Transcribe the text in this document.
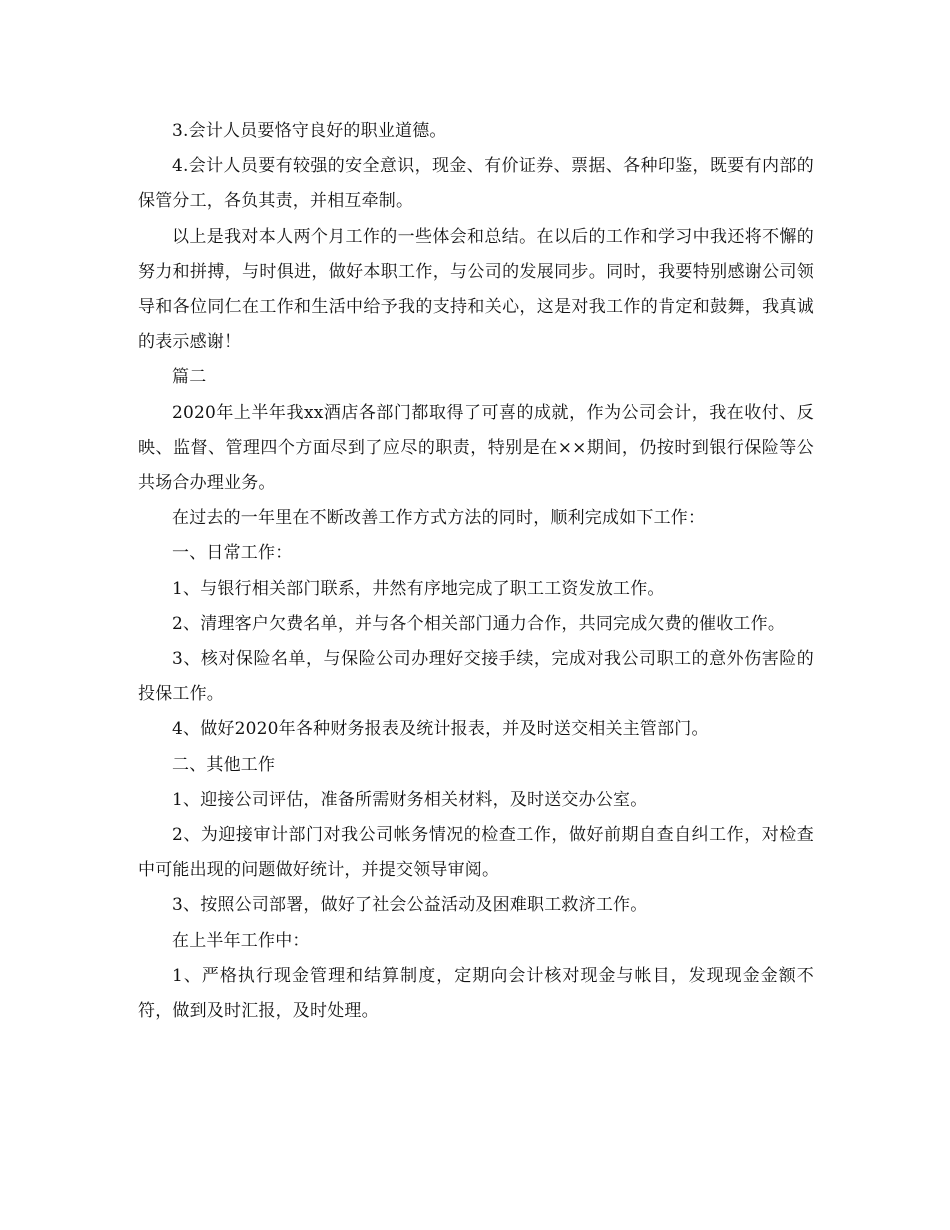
3.会计人员要恪守良好的职业道德。

4.会计人员要有较强的安全意识，现金、有价证券、票据、各种印鉴，既要有内部的保管分工，各负其责，并相互牵制。

以上是我对本人两个月工作的一些体会和总结。在以后的工作和学习中我还将不懈的努力和拼搏，与时俱进，做好本职工作，与公司的发展同步。同时，我要特别感谢公司领导和各位同仁在工作和生活中给予我的支持和关心，这是对我工作的肯定和鼓舞，我真诚的表示感谢！

篇二

2020年上半年我xx酒店各部门都取得了可喜的成就，作为公司会计，我在收付、反映、监督、管理四个方面尽到了应尽的职责，特别是在××期间，仍按时到银行保险等公共场合办理业务。

在过去的一年里在不断改善工作方式方法的同时，顺利完成如下工作：

一、日常工作：

1、与银行相关部门联系，井然有序地完成了职工工资发放工作。

2、清理客户欠费名单，并与各个相关部门通力合作，共同完成欠费的催收工作。

3、核对保险名单，与保险公司办理好交接手续，完成对我公司职工的意外伤害险的投保工作。

4、做好2020年各种财务报表及统计报表，并及时送交相关主管部门。

二、其他工作

1、迎接公司评估，准备所需财务相关材料，及时送交办公室。

2、为迎接审计部门对我公司帐务情况的检查工作，做好前期自查自纠工作，对检查中可能出现的问题做好统计，并提交领导审阅。

3、按照公司部署，做好了社会公益活动及困难职工救济工作。

在上半年工作中：

1、严格执行现金管理和结算制度，定期向会计核对现金与帐目，发现现金金额不符，做到及时汇报，及时处理。
